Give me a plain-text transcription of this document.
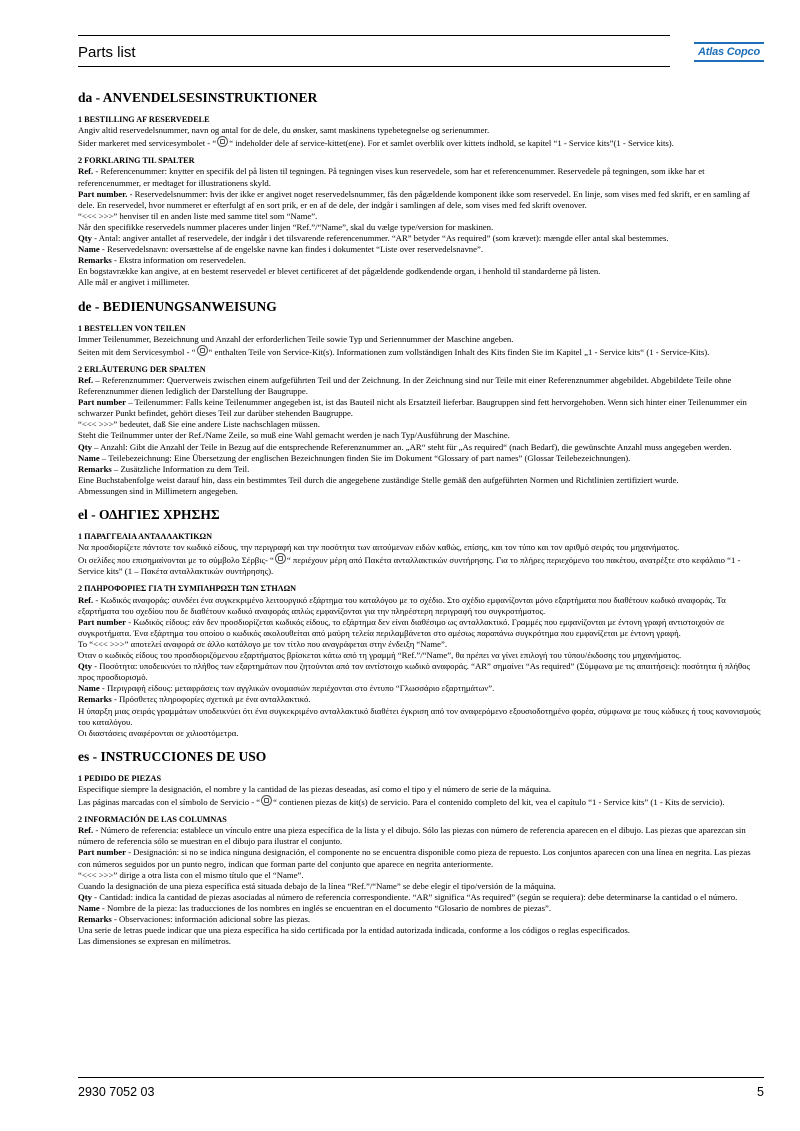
Parts list	Atlas Copco
da - ANVENDELSESINSTRUKTIONER

1 BESTILLING AF RESERVEDELE

Angiv altid reservedelsnummer, navn og antal for de dele, du ønsker, samt maskinens typebetegnelse og serienummer.

Sider markeret med servicesymbolet - “ “ indeholder dele af service-kittet(ene). For et samlet overblik over kittets indhold, se kapitel “1 - Service kits”(1 - Service kits).

2 FORKLARING TIL SPALTER

Ref. - Referencenummer: knytter en specifik del på listen til tegningen. På tegningen vises kun reservedele, som har et referencenummer. Reservedele på tegningen, som ikke har et referencenummer, er medtaget for illustrationens skyld.

Part number. - Reservedelsnummer: hvis der ikke er angivet noget reservedelsnummer, fås den pågældende komponent ikke som reservedel. En linje, som vises med fed skrift, er en samling af dele. En reservedel, hvor nummeret er efterfulgt af en sort prik, er en af de dele, der indgår i samlingen af dele, som vises med fed skrift ovenover.

“<<< >>>” henviser til en anden liste med samme titel som “Name”.

Når den specifikke reservedels nummer placeres under linjen “Ref.”/“Name”, skal du vælge type/version for maskinen.

Qty - Antal: angiver antallet af reservedele, der indgår i det tilsvarende referencenummer. “AR” betyder “As required” (som krævet): mængde eller antal skal bestemmes.

Name - Reservedelsnavn: oversættelse af de engelske navne kan findes i dokumentet “Liste over reservedelsnavne”.

Remarks - Ekstra information om reservedelen.

En bogstavrække kan angive, at en bestemt reservedel er blevet certificeret af det pågældende godkendende organ, i henhold til standarderne på listen.

Alle mål er angivet i millimeter.

de - BEDIENUNGSANWEISUNG

1 BESTELLEN VON TEILEN

Immer Teilenummer, Bezeichnung und Anzahl der erforderlichen Teile sowie Typ und Seriennummer der Maschine angeben.

Seiten mit dem Servicesymbol - “ “ enthalten Teile von Service-Kit(s). Informationen zum vollständigen Inhalt des Kits finden Sie im Kapitel „1 - Service kits“ (1 - Service-Kits).

2 ERLÄUTERUNG DER SPALTEN

Ref. – Referenznummer: Querverweis zwischen einem aufgeführten Teil und der Zeichnung. In der Zeichnung sind nur Teile mit einer Referenznummer abgebildet. Abgebildete Teile ohne Referenznummer dienen lediglich der Darstellung der Baugruppe.

Part number – Teilenummer: Falls keine Teilenummer angegeben ist, ist das Bauteil nicht als Ersatzteil lieferbar. Baugruppen sind fett hervorgehoben. Wenn sich hinter einer Teilenummer ein schwarzer Punkt befindet, gehört dieses Teil zur darüber stehenden Baugruppe.

“<<< >>>” bedeutet, daß Sie eine andere Liste nachschlagen müssen.

Steht die Teilnummer unter der Ref./Name Zeile, so muß eine Wahl gemacht werden je nach Typ/Ausführung der Maschine.

Qty – Anzahl: Gibt die Anzahl der Teile in Bezug auf die entsprechende Referenznummer an. „AR“ steht für „As required“ (nach Bedarf), die gewünschte Anzahl muss angegeben werden.

Name – Teilebezeichnung: Eine Übersetzung der englischen Bezeichnungen finden Sie im Dokument “Glossary of part names” (Glossar Teilebezeichnungen).

Remarks – Zusätzliche Information zu dem Teil.

Eine Buchstabenfolge weist darauf hin, dass ein bestimmtes Teil durch die angegebene zuständige Stelle gemäß den aufgeführten Normen und Richtlinien zertifiziert wurde.

Abmessungen sind in Millimetern angegeben.

el - ΟΔΗΓΙΕΣ ΧΡΗΣΗΣ

1 ΠΑΡΑΓΓΕΛΙΑ ΑΝΤΑΛΛΑΚΤΙΚΩΝ

Να προσδιορίζετε πάντοτε τον κωδικό είδους, την περιγραφή και την ποσότητα των αιτούμενων ειδών καθώς, επίσης, και τον τύπο και τον αριθμό σειράς του μηχανήματος.

Οι σελίδες που επισημαίνονται με το σύμβολο Σέρβις- “ “ περιέχουν μέρη από Πακέτα ανταλλακτικών συντήρησης. Για το πλήρες περιεχόμενο του πακέτου, ανατρέξτε στο κεφάλαιο “1 - Service kits” (1 – Πακέτα ανταλλακτικών συντήρησης).

2 ΠΛΗΡΟΦΟΡΙΕΣ ΓΙΑ ΤΗ ΣΥΜΠΛΗΡΩΣΗ ΤΩΝ ΣΤΗΛΩΝ

Ref. - Κωδικός αναφοράς: συνδέει ένα συγκεκριμένο λειτουργικό εξάρτημα του καταλόγου με το σχέδιο. Στο σχέδιο εμφανίζονται μόνο εξαρτήματα που διαθέτουν κωδικό αναφοράς. Τα εξαρτήματα του σχεδίου που δε διαθέτουν κωδικό αναφοράς απλώς εμφανίζονται για την πληρέστερη περιγραφή του συγκροτήματος.

Part number - Κωδικός είδους: εάν δεν προσδιορίζεται κωδικός είδους, το εξάρτημα δεν είναι διαθέσιμο ως ανταλλακτικό. Γραμμές που εμφανίζονται με έντονη γραφή αντιστοιχούν σε συγκροτήματα. Ένα εξάρτημα του οποίου ο κωδικός ακολουθείται από μαύρη τελεία περιλαμβάνεται στο αμέσως παραπάνω συγκρότημα που εμφανίζεται με έντονη γραφή.

Το “<<< >>>” αποτελεί αναφορά σε άλλο κατάλογο με τον τίτλο που αναγράφεται στην ένδειξη “Name”.

Όταν ο κωδικός είδους του προσδιοριζόμενου εξαρτήματος βρίσκεται κάτω από τη γραμμή “Ref.”/“Name”, θα πρέπει να γίνει επιλογή του τύπου/έκδοσης του μηχανήματος.

Qty - Ποσότητα: υποδεικνύει το πλήθος των εξαρτημάτων που ζητούνται από τον αντίστοιχο κωδικό αναφοράς. “AR” σημαίνει “As required” (Σύμφωνα με τις απαιτήσεις): ποσότητα ή πλήθος προς προσδιορισμό.

Name - Περιγραφή είδους: μεταφράσεις των αγγλικών ονομασιών περιέχονται στο έντυπο “Γλωσσάριο εξαρτημάτων”.

Remarks - Πρόσθετες πληροφορίες σχετικά με ένα ανταλλακτικό.

Η ύπαρξη μιας σειράς γραμμάτων υποδεικνύει ότι ένα συγκεκριμένο ανταλλακτικό διαθέτει έγκριση από τον αναφερόμενο εξουσιοδοτημένο φορέα, σύμφωνα με τους κώδικες ή τους κανονισμούς του καταλόγου.

Οι διαστάσεις αναφέρονται σε χιλιοστόμετρα.

es - INSTRUCCIONES DE USO

1 PEDIDO DE PIEZAS

Especifique siempre la designación, el nombre y la cantidad de las piezas deseadas, así como el tipo y el número de serie de la máquina.

Las páginas marcadas con el símbolo de Servicio - “ “ contienen piezas de kit(s) de servicio. Para el contenido completo del kit, vea el capítulo “1 - Service kits” (1 - Kits de servicio).

2 INFORMACIÓN DE LAS COLUMNAS

Ref. - Número de referencia: establece un vínculo entre una pieza específica de la lista y el dibujo. Sólo las piezas con número de referencia aparecen en el dibujo. Las piezas que aparezcan sin número de referencia sólo se muestran en el dibujo para ilustrar el conjunto.

Part number - Designación: si no se indica ninguna designación, el componente no se encuentra disponible como pieza de repuesto. Los conjuntos aparecen con una línea en negrita. Las piezas con números seguidos por un punto negro, indican que forman parte del conjunto que aparece en negrita anteriormente.

“<<< >>>” dirige a otra lista con el mismo título que el “Name”.

Cuando la designación de una pieza específica está situada debajo de la línea “Ref.”/“Name” se debe elegir el tipo/versión de la máquina.

Qty - Cantidad: indica la cantidad de piezas asociadas al número de referencia correspondiente. “AR” significa “As required” (según se requiera): debe determinarse la cantidad o el número.

Name - Nombre de la pieza: las traducciones de los nombres en inglés se encuentran en el documento “Glosario de nombres de piezas”.

Remarks - Observaciones: información adicional sobre las piezas.

Una serie de letras puede indicar que una pieza específica ha sido certificada por la entidad autorizada indicada, conforme a los códigos o reglas especificados.

Las dimensiones se expresan en milímetros.

2930 7052 03	5
